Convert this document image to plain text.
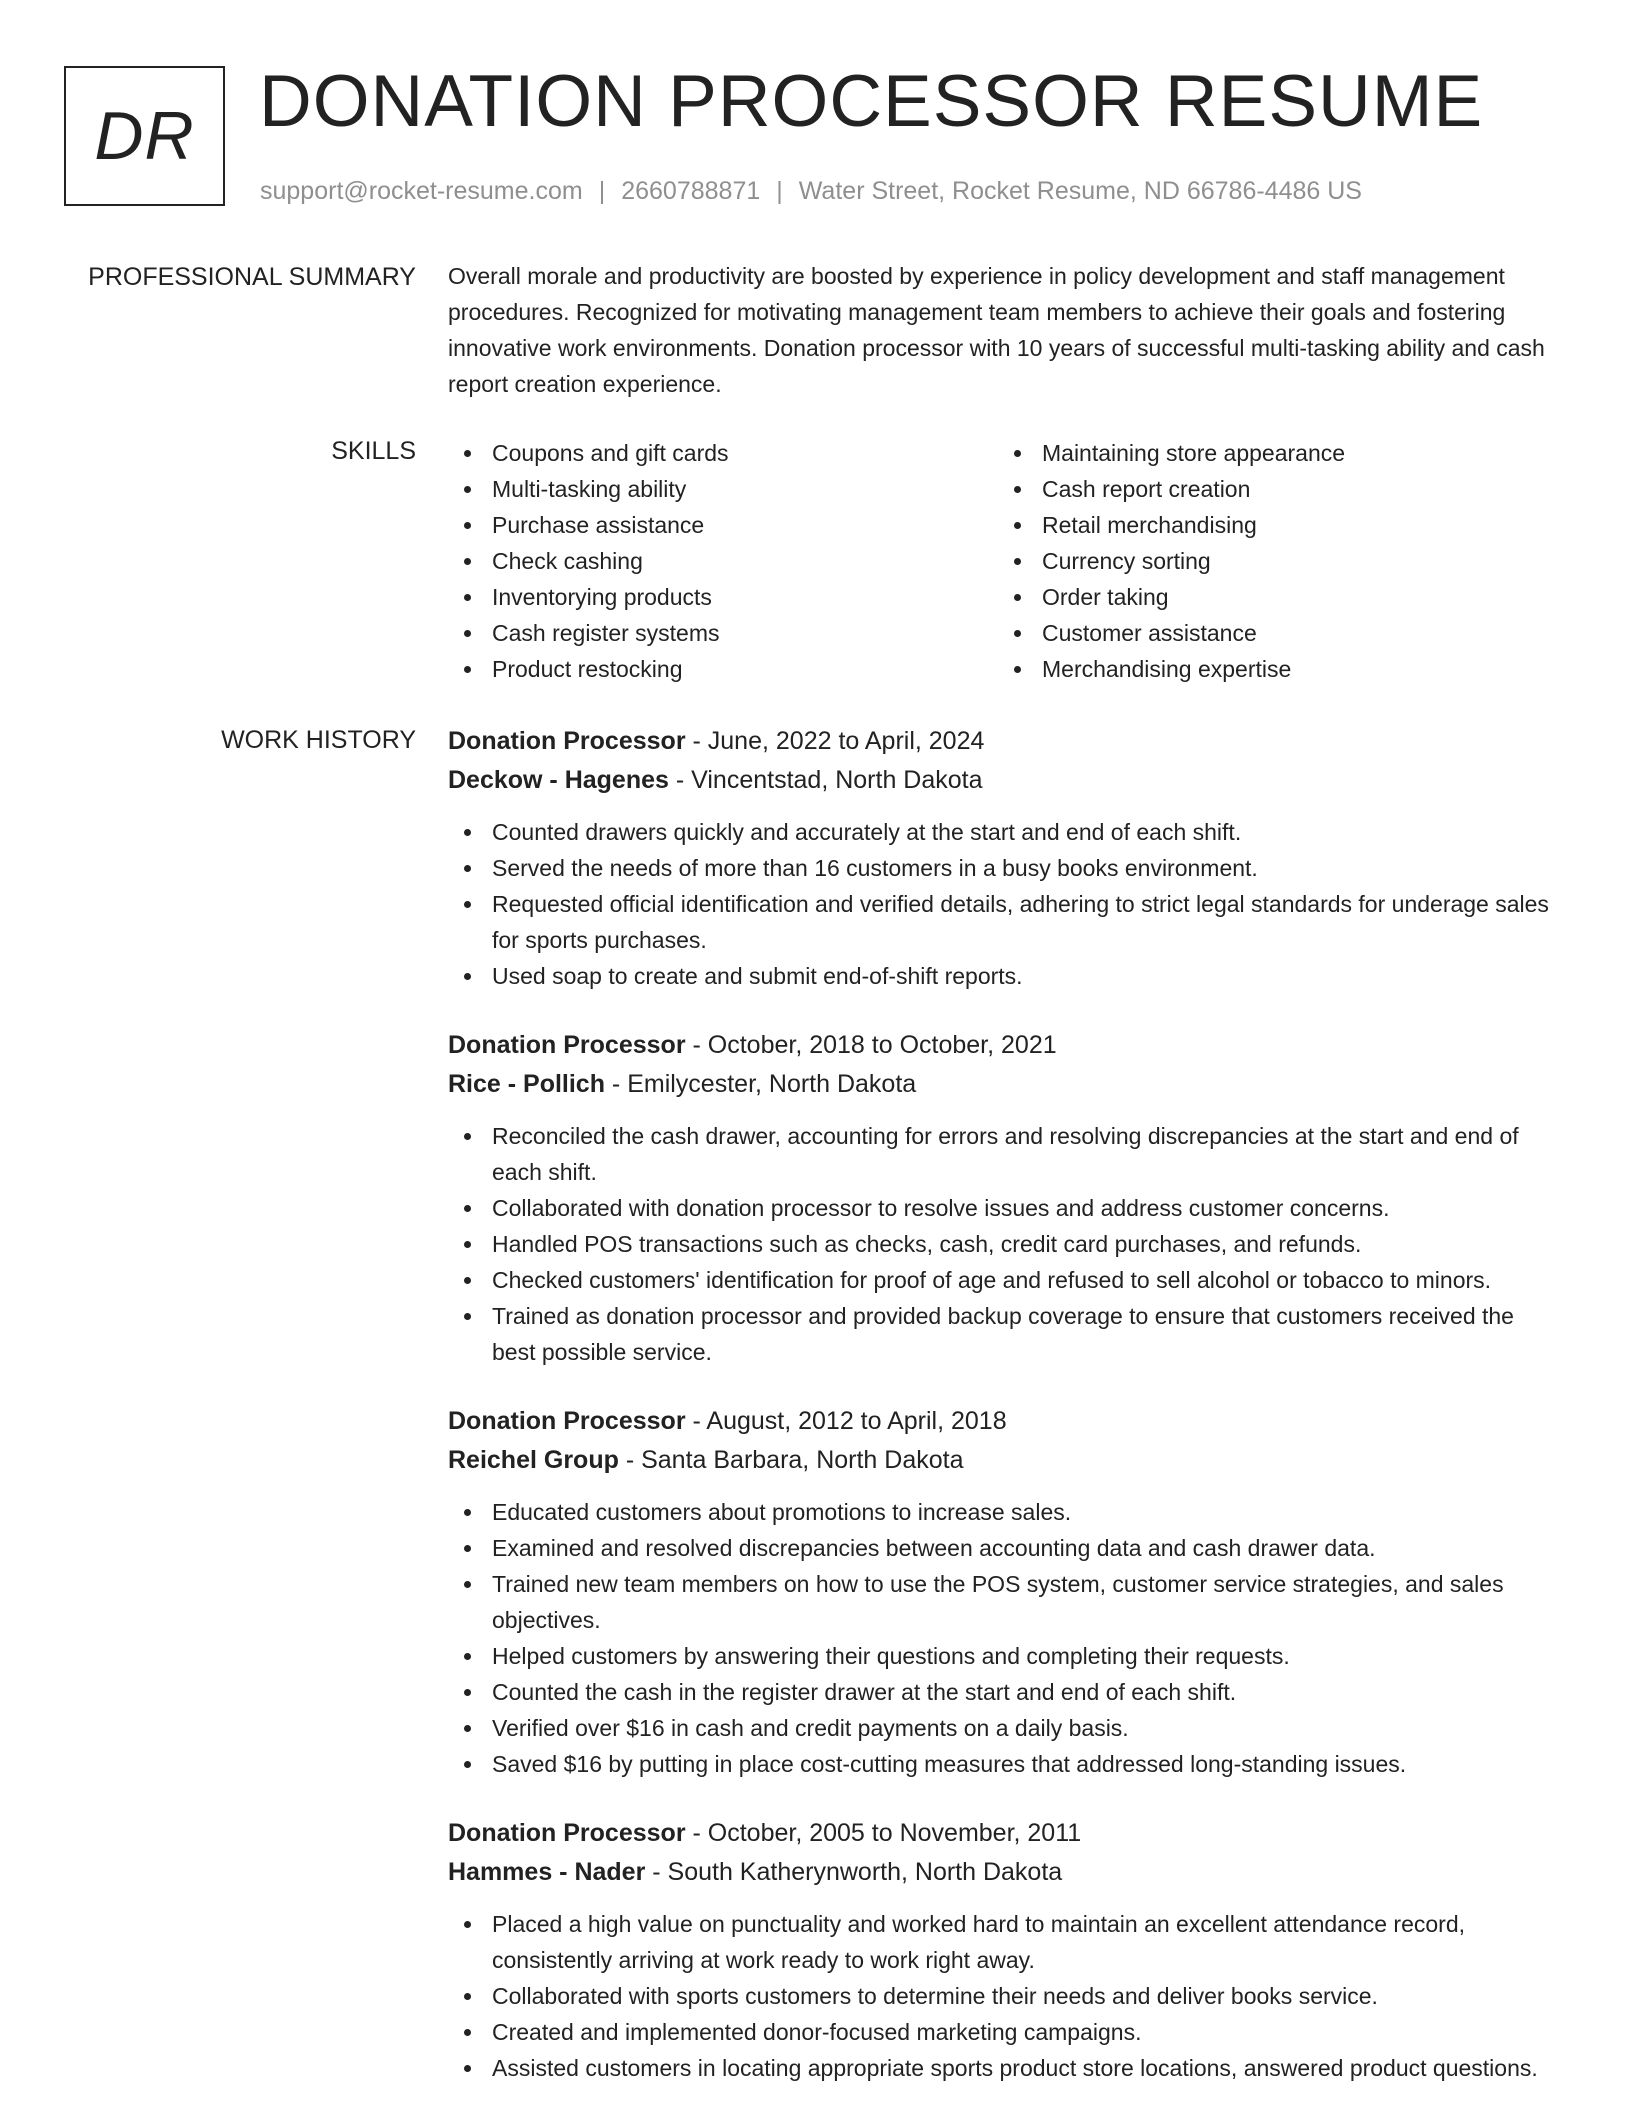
DR DONATION PROCESSOR RESUME
support@rocket-resume.com | 2660788871 | Water Street, Rocket Resume, ND 66786-4486 US
PROFESSIONAL SUMMARY Overall morale and productivity are boosted by experience in policy development and staff management procedures. Recognized for motivating management team members to achieve their goals and fostering innovative work environments. Donation processor with 10 years of successful multi-tasking ability and cash report creation experience.

SKILLS	Coupons and gift cards
Multi-tasking ability
Purchase assistance
Check cashing
Inventorying products
Cash register systems
Product restocking
Maintaining store appearance
Cash report creation
Retail merchandising
Currency sorting
Order taking
Customer assistance
Merchandising expertise
WORK HISTORY Donation Processor - June, 2022 to April, 2024
Deckow - Hagenes - Vincentstad, North Dakota
Counted drawers quickly and accurately at the start and end of each shift.
Served the needs of more than 16 customers in a busy books environment.
Requested official identification and verified details, adhering to strict legal standards for underage sales for sports purchases.
Used soap to create and submit end-of-shift reports.
Donation Processor - October, 2018 to October, 2021
Rice - Pollich - Emilycester, North Dakota
Reconciled the cash drawer, accounting for errors and resolving discrepancies at the start and end of each shift.
Collaborated with donation processor to resolve issues and address customer concerns.
Handled POS transactions such as checks, cash, credit card purchases, and refunds.
Checked customers' identification for proof of age and refused to sell alcohol or tobacco to minors.
Trained as donation processor and provided backup coverage to ensure that customers received the best possible service.
Donation Processor - August, 2012 to April, 2018
Reichel Group - Santa Barbara, North Dakota
Educated customers about promotions to increase sales.
Examined and resolved discrepancies between accounting data and cash drawer data.
Trained new team members on how to use the POS system, customer service strategies, and sales objectives.
Helped customers by answering their questions and completing their requests.
Counted the cash in the register drawer at the start and end of each shift.
Verified over $16 in cash and credit payments on a daily basis.
Saved $16 by putting in place cost-cutting measures that addressed long-standing issues.
Donation Processor - October, 2005 to November, 2011
Hammes - Nader - South Katherynworth, North Dakota
Placed a high value on punctuality and worked hard to maintain an excellent attendance record, consistently arriving at work ready to work right away.
Collaborated with sports customers to determine their needs and deliver books service.
Created and implemented donor-focused marketing campaigns.
Assisted customers in locating appropriate sports product store locations, answered product questions.
